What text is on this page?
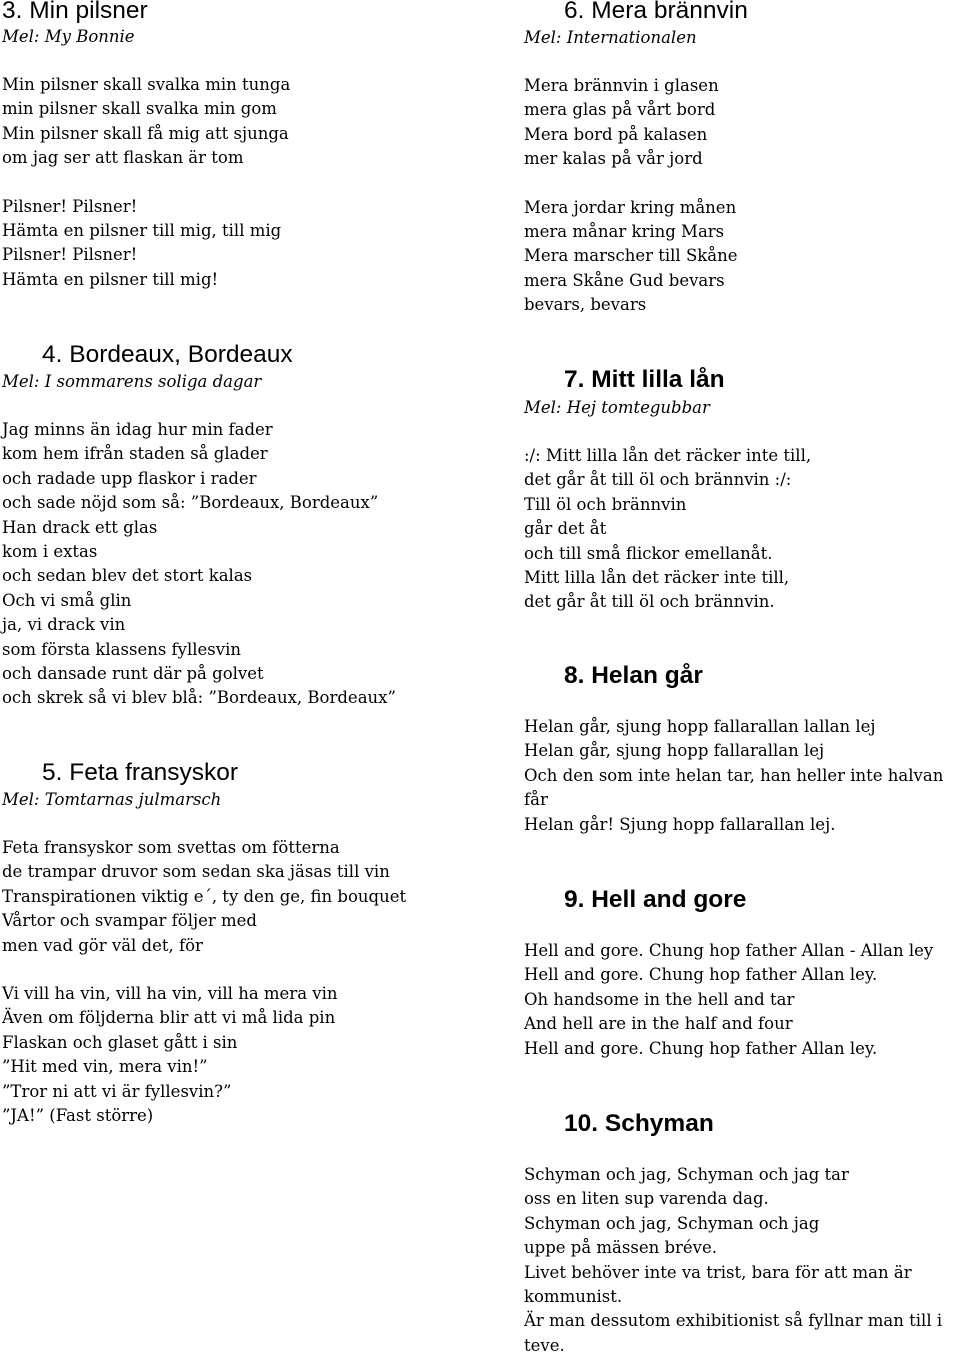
3. Min pilsner
Mel: My Bonnie
Min pilsner skall svalka min tunga
min pilsner skall svalka min gom
Min pilsner skall få mig att sjunga
om jag ser att flaskan är tom
Pilsner! Pilsner!
Hämta en pilsner till mig, till mig
Pilsner! Pilsner!
Hämta en pilsner till mig!
4. Bordeaux, Bordeaux
Mel: I sommarens soliga dagar
Jag minns än idag hur min fader
kom hem ifrån staden så glader
och radade upp flaskor i rader
och sade nöjd som så: ”Bordeaux, Bordeaux”
Han drack ett glas
kom i extas
och sedan blev det stort kalas
Och vi små glin
ja, vi drack vin
som första klassens fyllesvin
och dansade runt där på golvet
och skrek så vi blev blå: ”Bordeaux, Bordeaux”
5. Feta fransyskor
Mel: Tomtarnas julmarsch
Feta fransyskor som svettas om fötterna
de trampar druvor som sedan ska jäsas till vin
Transpirationen viktig e´, ty den ge, fin bouquet
Vårtor och svampar följer med
men vad gör väl det, för
Vi vill ha vin, vill ha vin, vill ha mera vin
Även om följderna blir att vi må lida pin
Flaskan och glaset gått i sin
”Hit med vin, mera vin!”
”Tror ni att vi är fyllesvin?”
”JA!” (Fast större)
6. Mera brännvin
Mel: Internationalen
Mera brännvin i glasen
mera glas på vårt bord
Mera bord på kalasen
mer kalas på vår jord
Mera jordar kring månen
mera månar kring Mars
Mera marscher till Skåne
mera Skåne Gud bevars
bevars, bevars
7. Mitt lilla lån
Mel: Hej tomtegubbar
:/: Mitt lilla lån det räcker inte till,
det går åt till öl och brännvin :/:
Till öl och brännvin
går det åt
och till små flickor emellanåt.
Mitt lilla lån det räcker inte till,
det går åt till öl och brännvin.
8. Helan går
Helan går, sjung hopp fallarallan lallan lej
Helan går, sjung hopp fallarallan lej
Och den som inte helan tar, han heller inte halvan
får
Helan går! Sjung hopp fallarallan lej.
9. Hell and gore
Hell and gore. Chung hop father Allan - Allan ley
Hell and gore. Chung hop father Allan ley.
Oh handsome in the hell and tar
And hell are in the half and four
Hell and gore. Chung hop father Allan ley.
10. Schyman
Schyman och jag, Schyman och jag tar
oss en liten sup varenda dag.
Schyman och jag, Schyman och jag
uppe på mässen bréve.
Livet behöver inte va trist, bara för att man är
kommunist.
Är man dessutom exhibitionist så fyllnar man till i
teve.
